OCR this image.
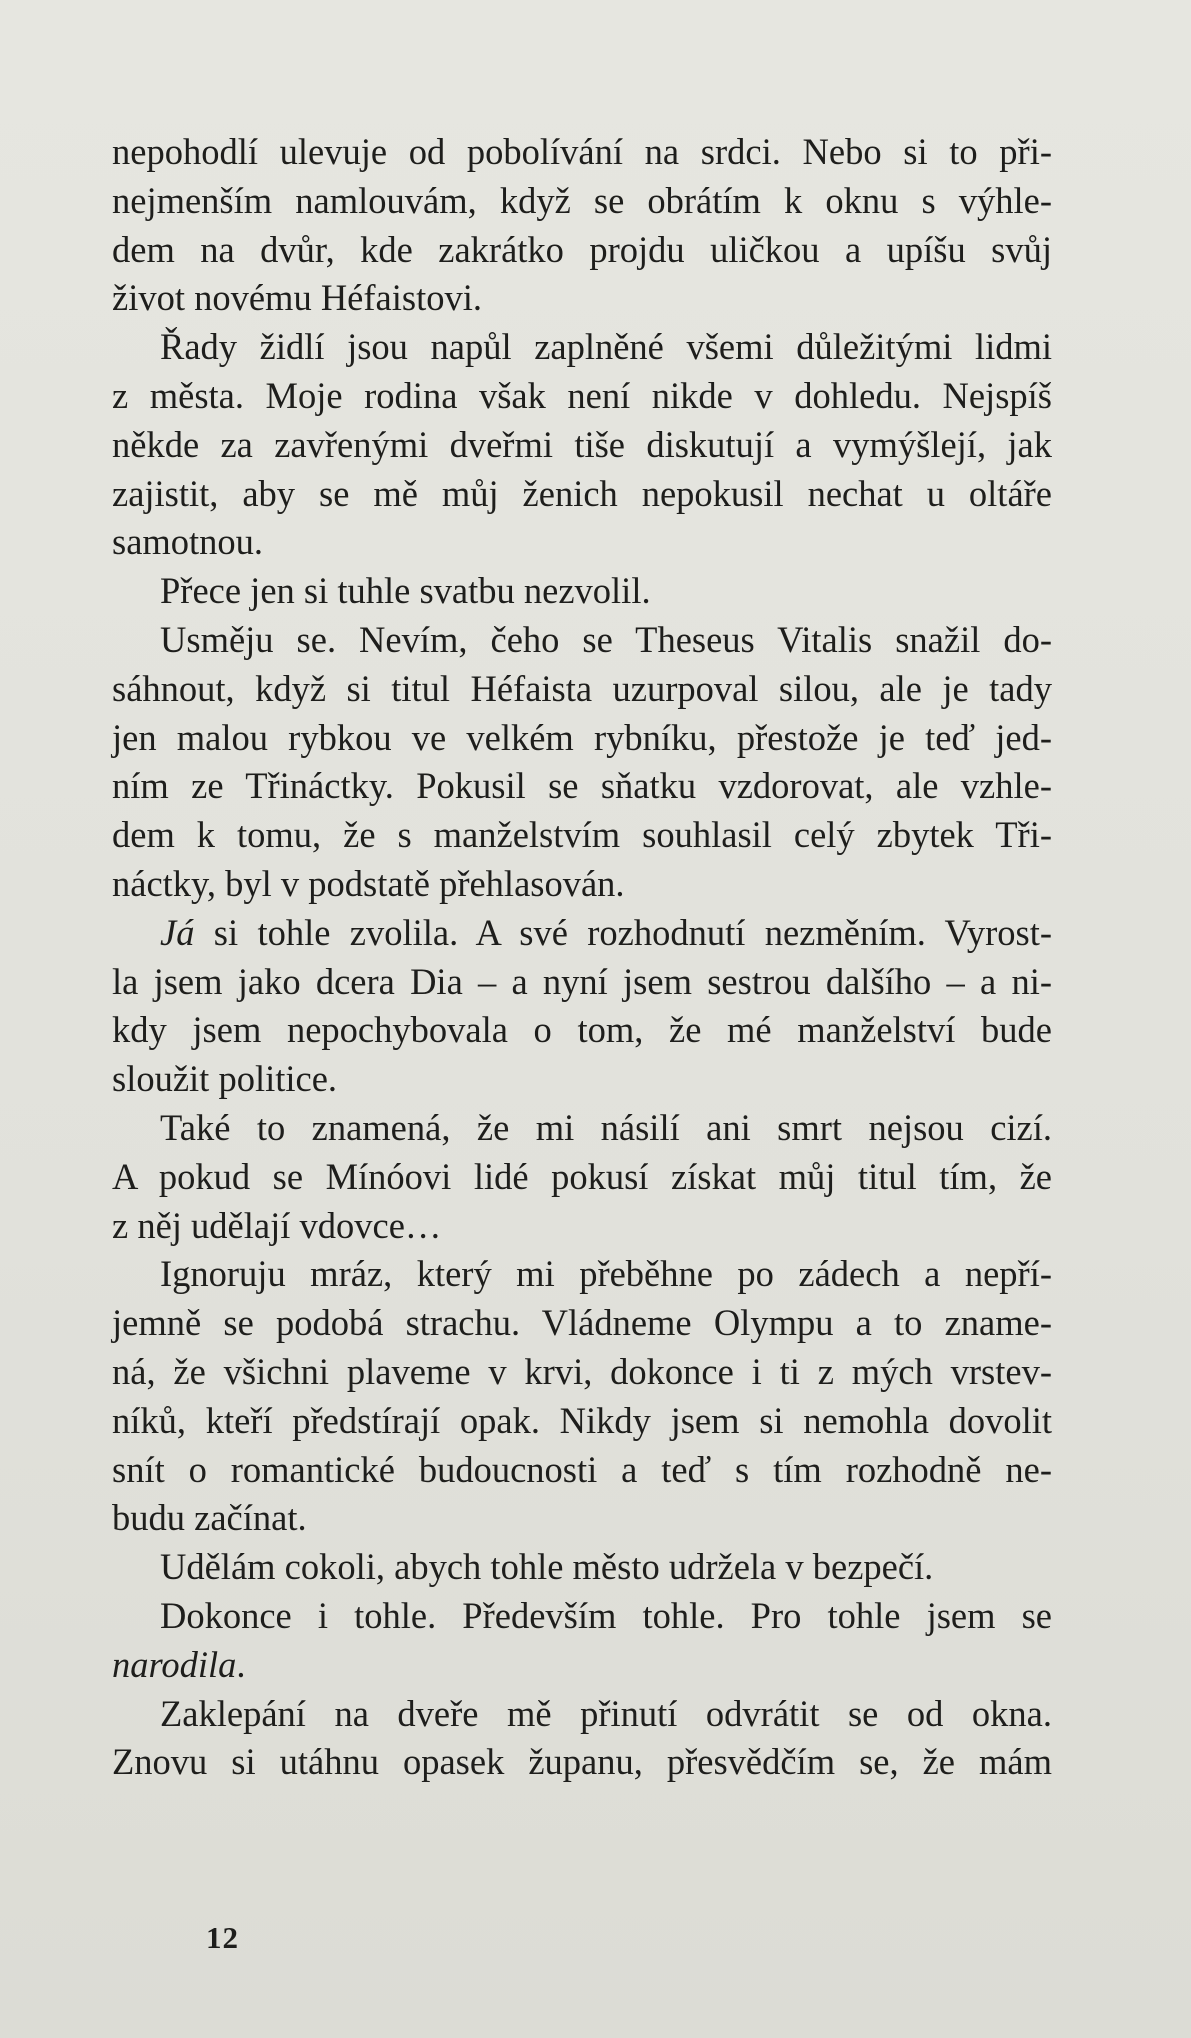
nepohodlí ulevuje od pobolívání na srdci. Nebo si to při-
nejmenším namlouvám, když se obrátím k oknu s výhle-
dem na dvůr, kde zakrátko projdu uličkou a upíšu svůj
život novému Héfaistovi.
Řady židlí jsou napůl zaplněné všemi důležitými lidmi
z města. Moje rodina však není nikde v dohledu. Nejspíš
někde za zavřenými dveřmi tiše diskutují a vymýšlejí, jak
zajistit, aby se mě můj ženich nepokusil nechat u oltáře
samotnou.
Přece jen si tuhle svatbu nezvolil.
Usměju se. Nevím, čeho se Theseus Vitalis snažil do-
sáhnout, když si titul Héfaista uzurpoval silou, ale je tady
jen malou rybkou ve velkém rybníku, přestože je teď jed-
ním ze Třináctky. Pokusil se sňatku vzdorovat, ale vzhle-
dem k tomu, že s manželstvím souhlasil celý zbytek Tři-
náctky, byl v podstatě přehlasován.
Já si tohle zvolila. A své rozhodnutí nezměním. Vyrost-
la jsem jako dcera Dia – a nyní jsem sestrou dalšího – a ni-
kdy jsem nepochybovala o tom, že mé manželství bude
sloužit politice.
Také to znamená, že mi násilí ani smrt nejsou cizí.
A pokud se Mínóovi lidé pokusí získat můj titul tím, že
z něj udělají vdovce…
Ignoruju mráz, který mi přeběhne po zádech a nepří-
jemně se podobá strachu. Vládneme Olympu a to zname-
ná, že všichni plaveme v krvi, dokonce i ti z mých vrstev-
níků, kteří předstírají opak. Nikdy jsem si nemohla dovolit
snít o romantické budoucnosti a teď s tím rozhodně ne-
budu začínat.
Udělám cokoli, abych tohle město udržela v bezpečí.
Dokonce i tohle. Především tohle. Pro tohle jsem se
narodila.
Zaklepání na dveře mě přinutí odvrátit se od okna.
Znovu si utáhnu opasek županu, přesvědčím se, že mám
12
